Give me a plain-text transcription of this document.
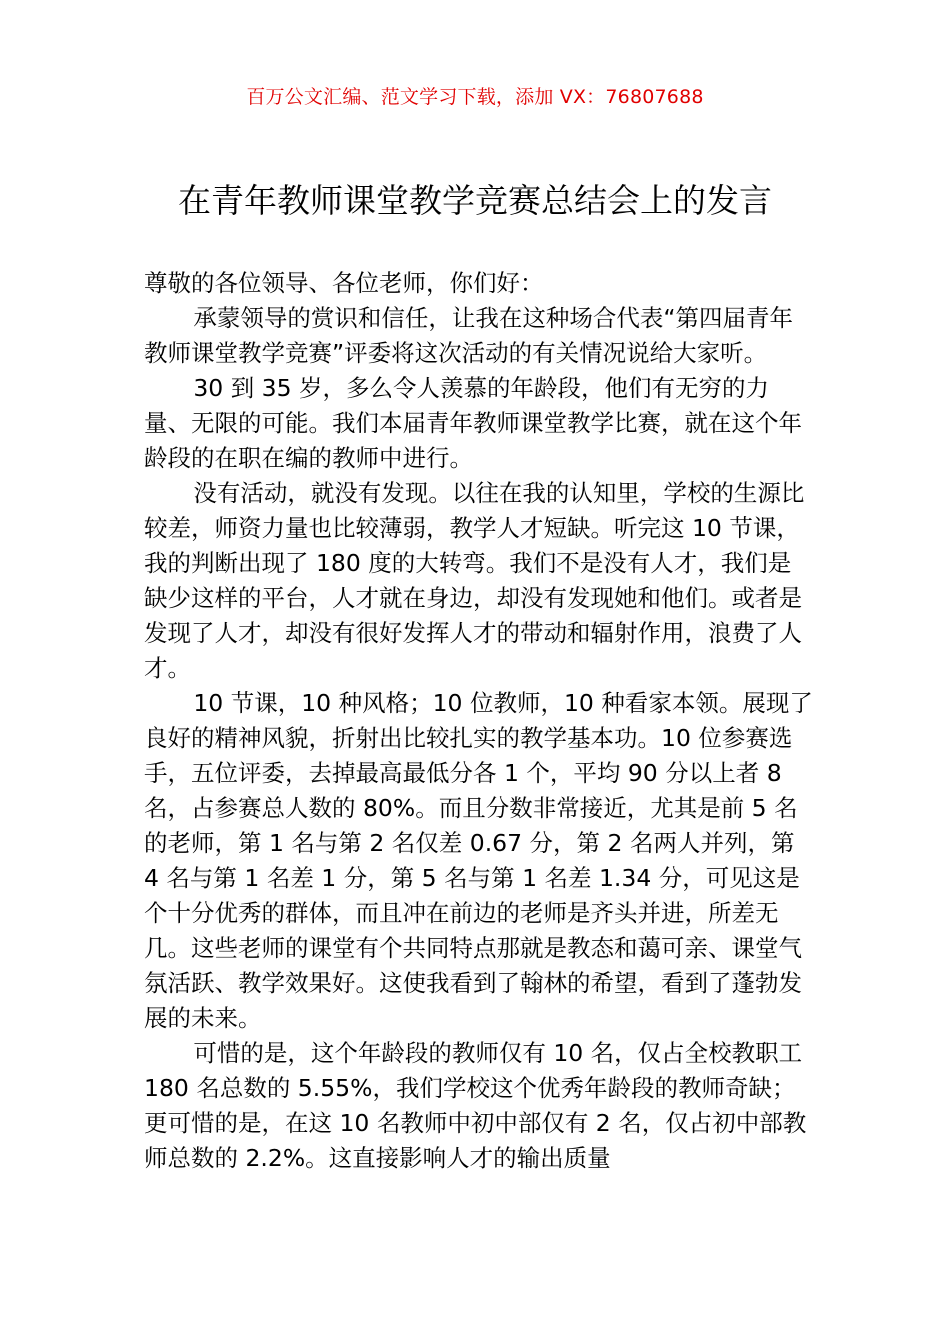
百万公文汇编、范文学习下载，添加 VX：76807688
在青年教师课堂教学竞赛总结会上的发言

尊敬的各位领导、各位老师，你们好：

承蒙领导的赏识和信任，让我在这种场合代表“第四届青年教师课堂教学竞赛”评委将这次活动的有关情况说给大家听。

30 到 35 岁，多么令人羡慕的年龄段，他们有无穷的力量、无限的可能。我们本届青年教师课堂教学比赛，就在这个年龄段的在职在编的教师中进行。

没有活动，就没有发现。以往在我的认知里，学校的生源比较差，师资力量也比较薄弱，教学人才短缺。听完这 10 节课，我的判断出现了 180 度的大转弯。我们不是没有人才，我们是缺少这样的平台，人才就在身边，却没有发现她和他们。或者是发现了人才，却没有很好发挥人才的带动和辐射作用，浪费了人才。

10 节课，10 种风格；10 位教师，10 种看家本领。展现了良好的精神风貌，折射出比较扎实的教学基本功。10 位参赛选手，五位评委，去掉最高最低分各 1 个，平均 90 分以上者 8 名，占参赛总人数的 80%。而且分数非常接近，尤其是前 5 名的老师，第 1 名与第 2 名仅差 0.67 分，第 2 名两人并列，第 4 名与第 1 名差 1 分，第 5 名与第 1 名差 1.34 分，可见这是个十分优秀的群体，而且冲在前边的老师是齐头并进，所差无几。这些老师的课堂有个共同特点那就是教态和蔼可亲、课堂气氛活跃、教学效果好。这使我看到了翰林的希望，看到了蓬勃发展的未来。

可惜的是，这个年龄段的教师仅有 10 名，仅占全校教职工 180 名总数的 5.55%，我们学校这个优秀年龄段的教师奇缺；更可惜的是，在这 10 名教师中初中部仅有 2 名，仅占初中部教师总数的 2.2%。这直接影响人才的输出质量
